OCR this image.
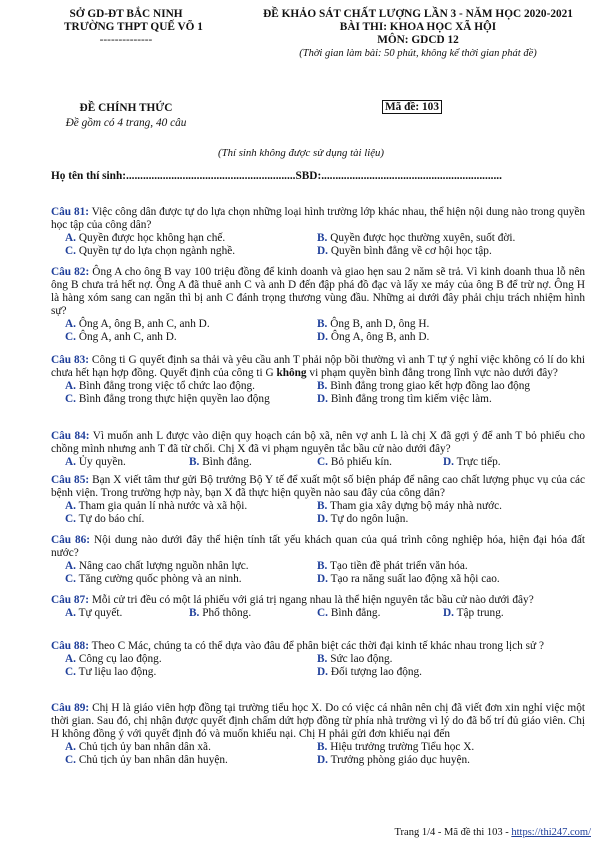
SỞ GD-ĐT BẮC NINH
TRƯỜNG THPT QUẾ VÕ 1
--------------
ĐỀ KHẢO SÁT CHẤT LƯỢNG LẦN 3 - NĂM HỌC 2020-2021
BÀI THI: KHOA HỌC XÃ HỘI
MÔN: GDCD 12
(Thời gian làm bài: 50 phút, không kể thời gian phát đề)
ĐỀ CHÍNH THỨC
Đề gồm có 4 trang, 40 câu
Mã đề: 103
(Thí sinh không được sử dụng tài liệu)
Họ tên thí sinh:............................................................SBD:................................................................

Câu 81: Việc công dân được tự do lựa chọn những loại hình trường lớp khác nhau, thể hiện nội dung nào trong quyền học tập của công dân?

A. Quyền được học không hạn chế.	B. Quyền được học thường xuyên, suốt đời.
C. Quyền tự do lựa chọn ngành nghề.	D. Quyền bình đẳng về cơ hội học tập.

Câu 82: Ông A cho ông B vay 100 triệu đồng để kinh doanh và giao hẹn sau 2 năm sẽ trả. Vì kinh doanh thua lỗ nên ông B chưa trả hết nợ. Ông A đã thuê anh C và anh D đến đập phá đồ đạc và lấy xe máy của ông B để trừ nợ. Ông H là hàng xóm sang can ngăn thì bị anh C đánh trọng thương vùng đầu. Những ai dưới đây phải chịu trách nhiệm hình sự?

A. Ông A, ông B, anh C, anh D.	B. Ông B, anh D, ông H.
C. Ông A, anh C, anh D.	D. Ông A, ông B, anh D.

Câu 83: Công ti G quyết định sa thải và yêu cầu anh T phải nộp bồi thường vì anh T tự ý nghỉ việc không có lí do khi chưa hết hạn hợp đồng. Quyết định của công ti G không vi phạm quyền bình đẳng trong lĩnh vực nào dưới đây?

A. Bình đẳng trong việc tổ chức lao động.	B. Bình đẳng trong giao kết hợp đồng lao động
C. Bình đẳng trong thực hiện quyền lao động	D. Bình đẳng trong tìm kiếm việc làm.

Câu 84: Vì muốn anh L được vào diện quy hoạch cán bộ xã, nên vợ anh L là chị X đã gợi ý để anh T bỏ phiếu cho chồng mình nhưng anh T đã từ chối. Chị X đã vi phạm nguyên tắc bầu cử nào dưới đây?

A. Ủy quyền.	B. Bình đẳng.	C. Bỏ phiếu kín.	D. Trực tiếp.

Câu 85: Bạn X viết tâm thư gửi Bộ trưởng Bộ Y tế để xuất một số biện pháp để nâng cao chất lượng phục vụ của các bệnh viện. Trong trường hợp này, bạn X đã thực hiện quyền nào sau đây của công dân?

A. Tham gia quản lí nhà nước và xã hội.	B. Tham gia xây dựng bộ máy nhà nước.
C. Tự do báo chí.	D. Tự do ngôn luận.

Câu 86: Nội dung nào dưới đây thể hiện tính tất yếu khách quan của quá trình công nghiệp hóa, hiện đại hóa đất nước?

A. Nâng cao chất lượng nguồn nhân lực.	B. Tạo tiền đề phát triển văn hóa.
C. Tăng cường quốc phòng và an ninh.	D. Tạo ra năng suất lao động xã hội cao.

Câu 87: Mỗi cử tri đều có một lá phiếu với giá trị ngang nhau là thể hiện nguyên tắc bầu cử nào dưới đây?

A. Tự quyết.	B. Phổ thông.	C. Bình đẳng.	D. Tập trung.

Câu 88: Theo C Mác, chúng ta có thể dựa vào đâu để phân biệt các thời đại kinh tế khác nhau trong lịch sử ?

A. Công cụ lao động.	B. Sức lao động.
C. Tư liệu lao động.	D. Đối tượng lao động.

Câu 89: Chị H là giáo viên hợp đồng tại trường tiểu học X. Do có việc cá nhân nên chị đã viết đơn xin nghỉ việc một thời gian. Sau đó, chị nhận được quyết định chấm dứt hợp đồng từ phía nhà trường vì lý do đã bố trí đủ giáo viên. Chị H không đồng ý với quyết định đó và muốn khiếu nại. Chị H phải gửi đơn khiếu nại đến

A. Chủ tịch ủy ban nhân dân xã.	B. Hiệu trưởng trường Tiểu học X.
C. Chủ tịch ủy ban nhân dân huyện.	D. Trưởng phòng giáo dục huyện.
Trang 1/4 - Mã đề thi 103 - https://thi247.com/
